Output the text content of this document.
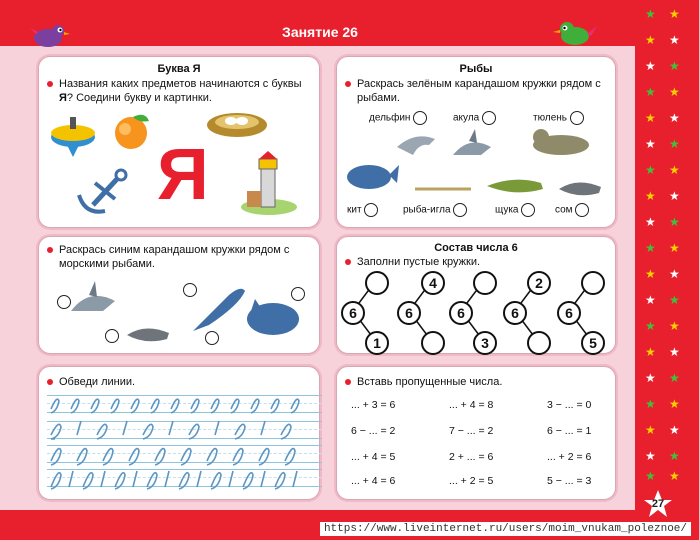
Занятие 26
★ ★
★ ★
★ ★
★ ★
★ ★
★ ★
★ ★
★ ★
★ ★
★ ★
★ ★
★ ★
★ ★
★ ★
★ ★
★ ★
★ ★
★ ★
★ ★
27
https://www.liveinternet.ru/users/moim_vnukam_poleznoe/
Буква Я
Названия каких предметов начинаются с буквы Я? Соедини букву и картинки.
Я
Рыбы
Раскрась зелёным карандашом кружки рядом с рыбами.
дельфин	акула	тюлень
кит	рыба-игла	щука	сом
Раскрась синим карандашом кружки рядом с морскими рыбами.
Состав числа 6
Заполни пустые кружки.
6
1
6
4
6
3
6
2
6
5
Обведи линии.	Вставь пропущенные числа.
... + 3 = 6	... + 4 = 8	3 − ... = 0
6 − ... = 2	7 − ... = 2	6 − ... = 1
... + 4 = 5	2 + ... = 6	... + 2 = 6
... + 4 = 6	... + 2 = 5	5 − ... = 3
